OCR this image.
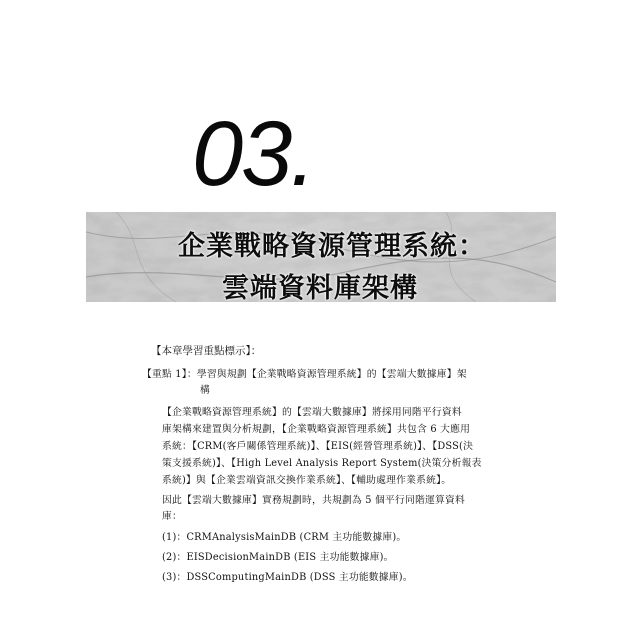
03.
企業戰略資源管理系統：
雲端資料庫架構
【本章學習重點標示】：
【重點 1】：學習與規劃【企業戰略資源管理系統】的【雲端大數據庫】架
構
【企業戰略資源管理系統】的【雲端大數據庫】將採用同階平行資料
庫架構來建置與分析規劃，【企業戰略資源管理系統】共包含 6 大應用
系統：【CRM(客戶關係管理系統)】、【EIS(經營管理系統)】、【DSS(決
策支援系統)】、【High Level Analysis Report System(決策分析報表
系統)】與【企業雲端資訊交換作業系統】、【輔助處理作業系統】。
因此【雲端大數據庫】實務規劃時，共規劃為 5 個平行同階運算資料
庫：
(1)：CRMAnalysisMainDB (CRM 主功能數據庫)。
(2)：EISDecisionMainDB (EIS 主功能數據庫)。
(3)：DSSComputingMainDB (DSS 主功能數據庫)。
